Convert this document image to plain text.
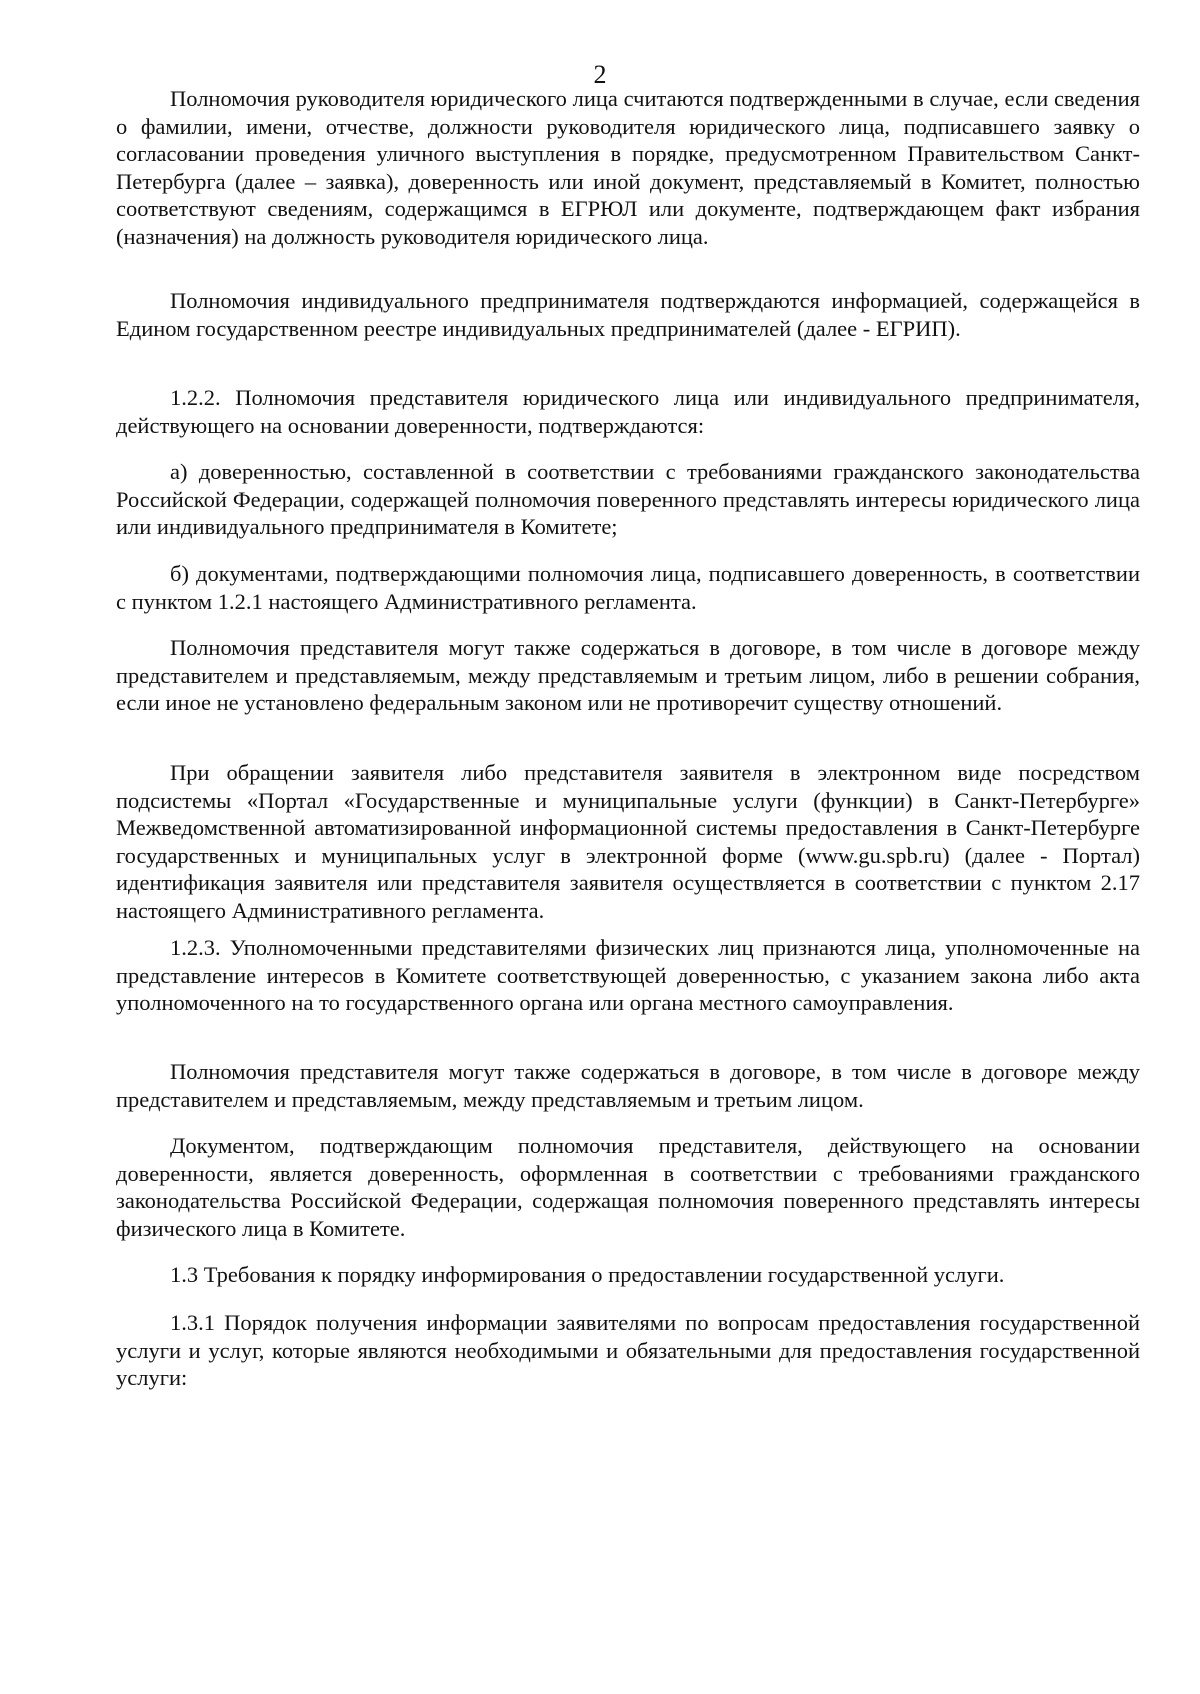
2

Полномочия руководителя юридического лица считаются подтвержденными в случае, если сведения о фамилии, имени, отчестве, должности руководителя юридического лица, подписавшего заявку о согласовании проведения уличного выступления в порядке, предусмотренном Правительством Санкт-Петербурга (далее – заявка), доверенность или иной документ, представляемый в Комитет, полностью соответствуют сведениям, содержащимся в ЕГРЮЛ или документе, подтверждающем факт избрания (назначения) на должность руководителя юридического лица.

Полномочия индивидуального предпринимателя подтверждаются информацией, содержащейся в Едином государственном реестре индивидуальных предпринимателей (далее - ЕГРИП).

1.2.2. Полномочия представителя юридического лица или индивидуального предпринимателя, действующего на основании доверенности, подтверждаются:

а) доверенностью, составленной в соответствии с требованиями гражданского законодательства Российской Федерации, содержащей полномочия поверенного представлять интересы юридического лица или индивидуального предпринимателя в Комитете;

б) документами, подтверждающими полномочия лица, подписавшего доверенность, в соответствии с пунктом 1.2.1 настоящего Административного регламента.

Полномочия представителя могут также содержаться в договоре, в том числе в договоре между представителем и представляемым, между представляемым и третьим лицом, либо в решении собрания, если иное не установлено федеральным законом или не противоречит существу отношений.

При обращении заявителя либо представителя заявителя в электронном виде посредством подсистемы «Портал «Государственные и муниципальные услуги (функции) в Санкт-Петербурге» Межведомственной автоматизированной информационной системы предоставления в Санкт-Петербурге государственных и муниципальных услуг в электронной форме (www.gu.spb.ru) (далее - Портал) идентификация заявителя или представителя заявителя осуществляется в соответствии с пунктом 2.17 настоящего Административного регламента.

1.2.3. Уполномоченными представителями физических лиц признаются лица, уполномоченные на представление интересов в Комитете соответствующей доверенностью, с указанием закона либо акта уполномоченного на то государственного органа или органа местного самоуправления.

Полномочия представителя могут также содержаться в договоре, в том числе в договоре между представителем и представляемым, между представляемым и третьим лицом.

Документом, подтверждающим полномочия представителя, действующего на основании доверенности, является доверенность, оформленная в соответствии с требованиями гражданского законодательства Российской Федерации, содержащая полномочия поверенного представлять интересы физического лица в Комитете.

1.3 Требования к порядку информирования о предоставлении государственной услуги.

1.3.1 Порядок получения информации заявителями по вопросам предоставления государственной услуги и услуг, которые являются необходимыми и обязательными для предоставления государственной услуги:
